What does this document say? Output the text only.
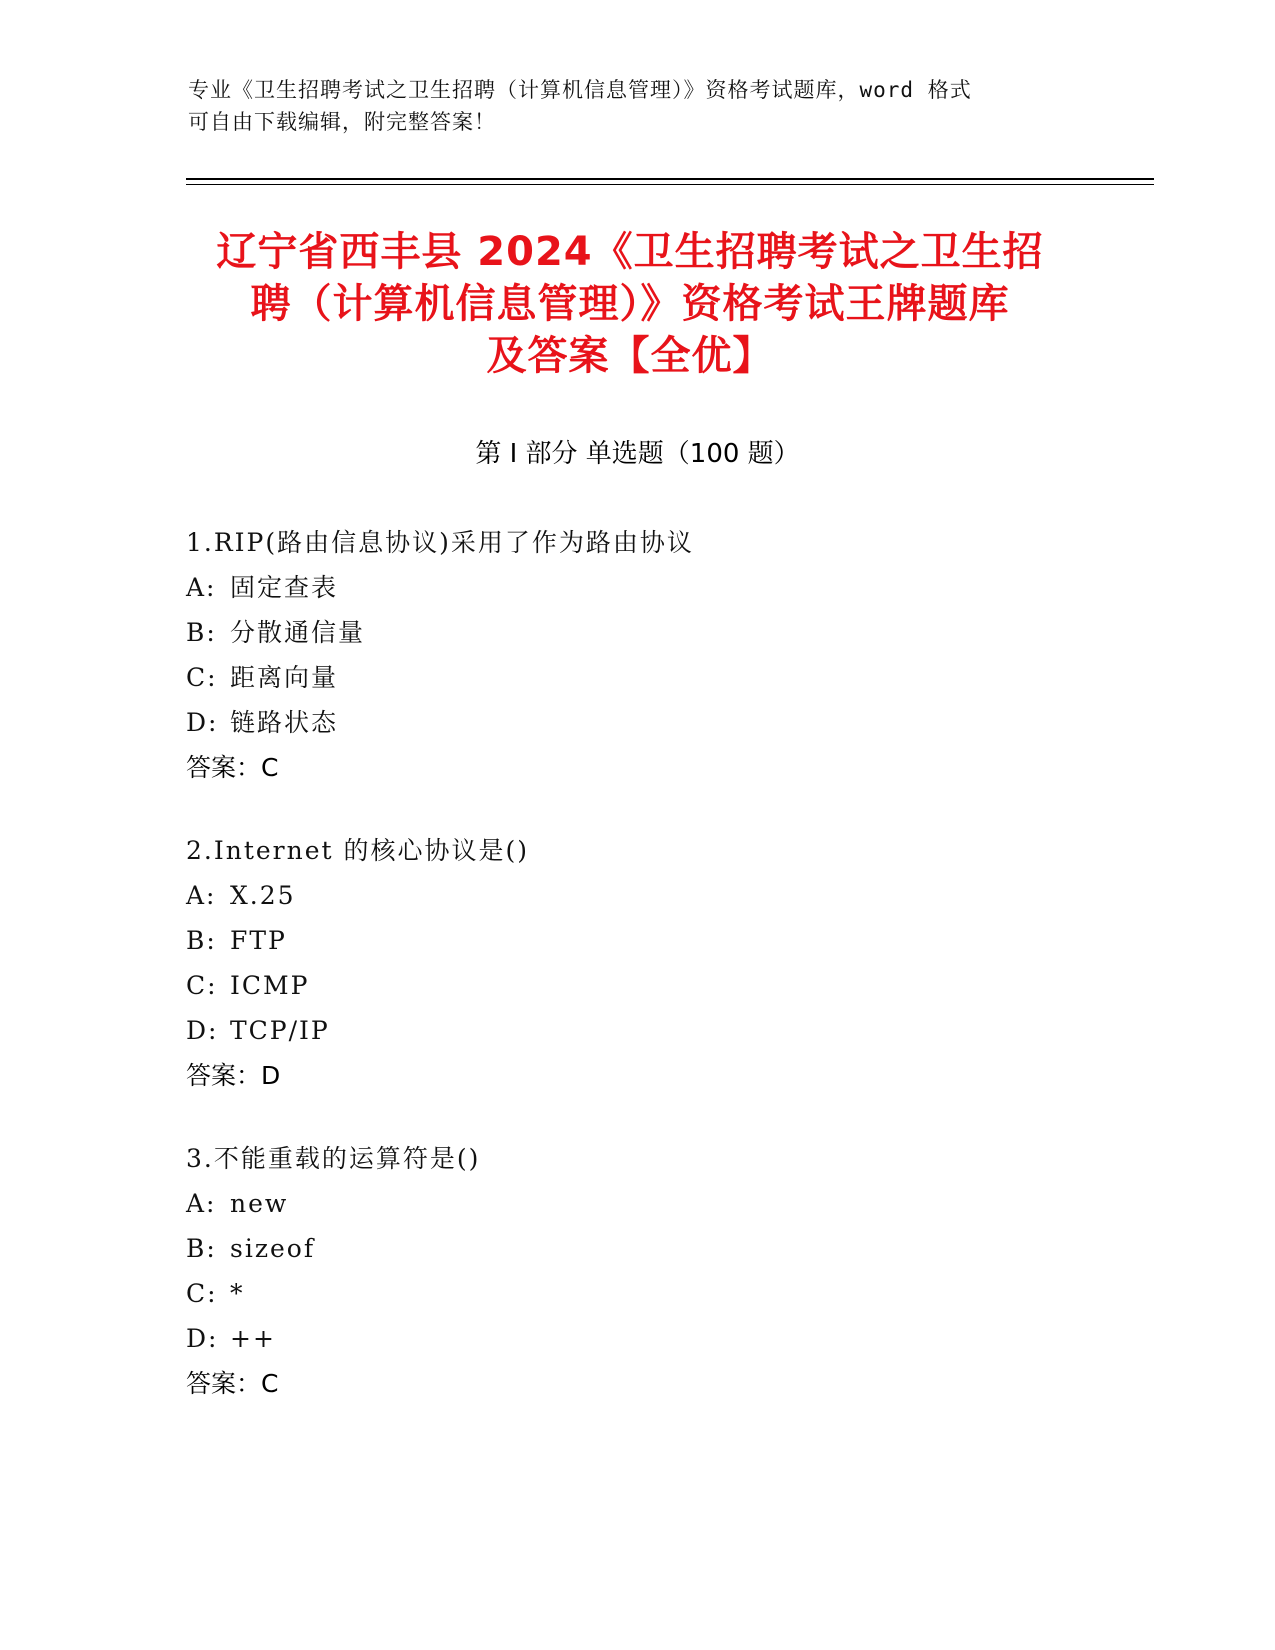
专业《卫生招聘考试之卫生招聘（计算机信息管理）》资格考试题库，word 格式
可自由下载编辑，附完整答案！
辽宁省西丰县 2024《卫生招聘考试之卫生招
聘（计算机信息管理）》资格考试王牌题库
及答案【全优】
第 I 部分 单选题（100 题）
1.RIP(路由信息协议)采用了作为路由协议
A: 固定查表
B: 分散通信量
C: 距离向量
D: 链路状态
答案：C
2.Internet 的核心协议是()
A: X.25
B: FTP
C: ICMP
D: TCP/IP
答案：D
3.不能重载的运算符是()
A: new
B: sizeof
C: *
D: ++
答案：C
